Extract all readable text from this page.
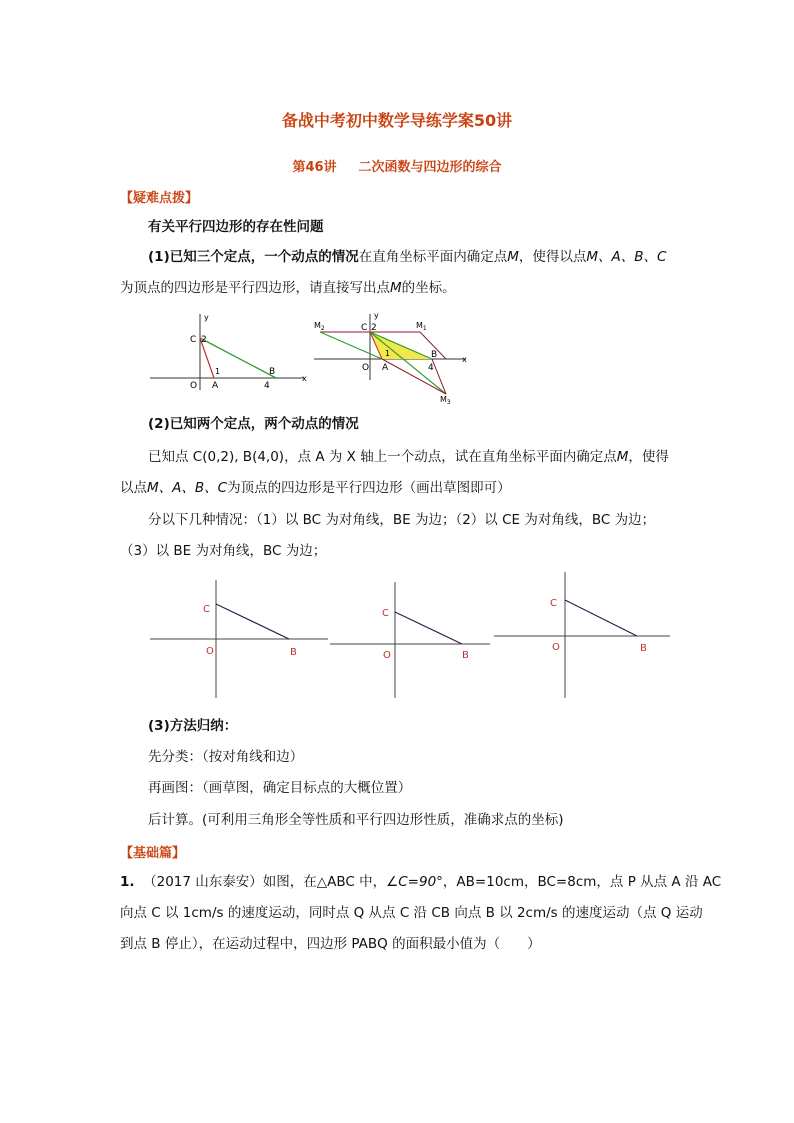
备战中考初中数学导练学案50讲
第46讲 二次函数与四边形的综合
【疑难点拨】
有关平行四边形的存在性问题
(1)已知三个定点，一个动点的情况在直角坐标平面内确定点M，使得以点M、A、B、C
为顶点的四边形是平行四边形，请直接写出点M的坐标。
y
x
C 2
1
A
O
B
4
y
x
$M_2$	$M_1$
$M_3$
C 2
1
A
O
B
4
(2)已知两个定点，两个动点的情况
已知点 C(0,2), B(4,0)，点 A 为 X 轴上一个动点，试在直角坐标平面内确定点M，使得
以点M、A、B、C为顶点的四边形是平行四边形（画出草图即可）
分以下几种情况：（1）以 BC 为对角线，BE 为边；（2）以 CE 为对角线，BC 为边；
（3）以 BE 为对角线，BC 为边；
C
O	B
C
O	B
C
O	B
(3)方法归纳：
先分类：（按对角线和边）
再画图：（画草图，确定目标点的大概位置）
后计算。(可利用三角形全等性质和平行四边形性质，准确求点的坐标)
【基础篇】
1. （2017 山东泰安）如图，在△ABC 中，∠C=90°，AB=10cm，BC=8cm，点 P 从点 A 沿 AC
向点 C 以 1cm/s 的速度运动，同时点 Q 从点 C 沿 CB 向点 B 以 2cm/s 的速度运动（点 Q 运动
到点 B 停止），在运动过程中，四边形 PABQ 的面积最小值为（　　）
